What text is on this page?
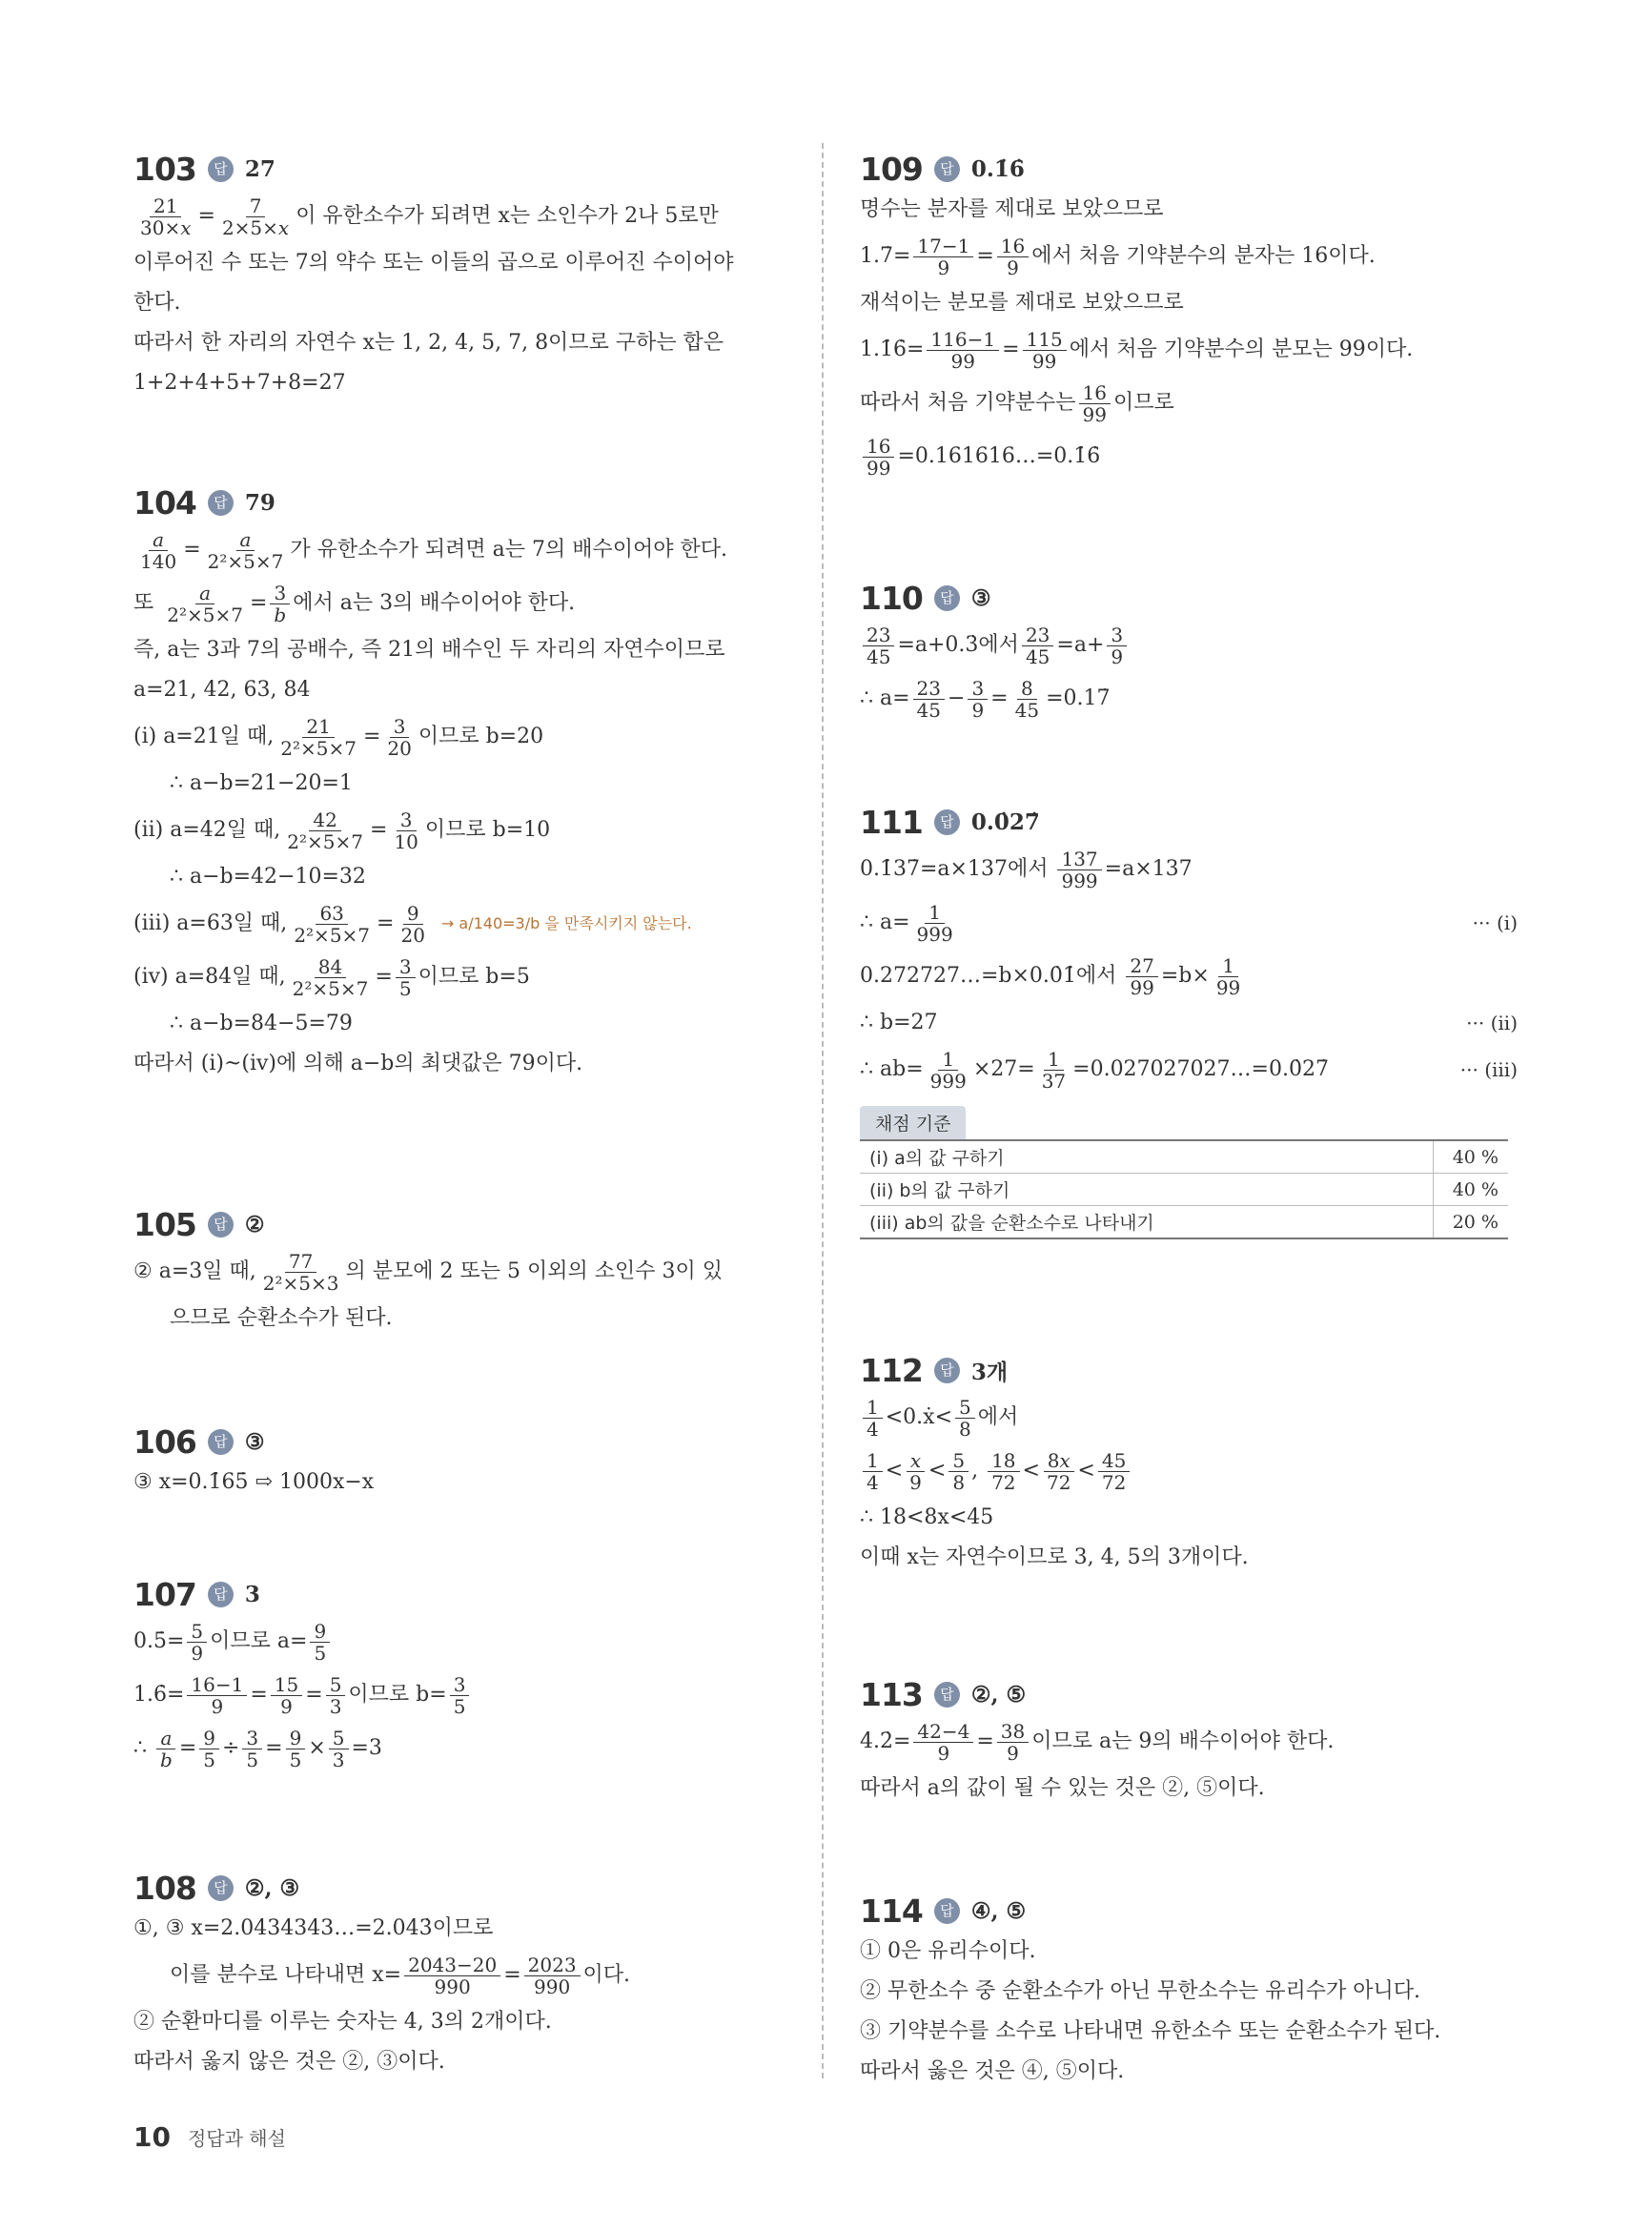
103	답 27
21
30×x = 7
2×5×x 이 유한소수가 되려면 x는 소인수가 2나 5로만
이루어진 수 또는 7의 약수 또는 이들의 곱으로 이루어진 수이어야
한다.
따라서 한 자리의 자연수 x는 1, 2, 4, 5, 7, 8이므로 구하는 합은
1+2+4+5+7+8=27
104	답 79
a
140 = a
2²×5×7 가 유한소수가 되려면 a는 7의 배수이어야 한다.
또
a
2²×5×7 = 3
b 에서 a는 3의 배수이어야 한다.
즉, a는 3과 7의 공배수, 즉 21의 배수인 두 자리의 자연수이므로
a=21, 42, 63, 84
(i) a=21일 때, 21
2²×5×7 = 3
20 이므로 b=20
∴ a−b=21−20=1
(ii) a=42일 때, 42
2²×5×7 = 3
10 이므로 b=10
∴ a−b=42−10=32
(iii) a=63일 때, 63
2²×5×7 = 9
20 → a/140=3/b 을 만족시키지 않는다.
(iv) a=84일 때, 84
2²×5×7 = 3
5 이므로 b=5
∴ a−b=84−5=79
따라서 (i)~(iv)에 의해 a−b의 최댓값은 79이다.
105	답 ②
② a=3일 때, 77
2²×5×3 의 분모에 2 또는 5 이외의 소인수 3이 있
으므로 순환소수가 된다.
106	답 ③
③ x=0.1̇65̇ ⇨ 1000x−x
107	답 3
0.5̇= $\frac{5}{9}$ 이므로 $a= \frac{9}{5}$
1.6̇= $\frac{16-1}{9} = 15$
9 = 5
3 이므로 $b= \frac{3}{5}$
∴
a
b = 9
5 ÷ 3
5 = 9
5 × 5
3 =3
108	답 ②, ③
①, ③ x=2.0434343…=2.04̇3̇이므로
이를 분수로 나타내면 $x= \frac{2043-20}{990} = 2023$
990 이다.
② 순환마디를 이루는 숫자는 4, 3의 2개이다.
따라서 옳지 않은 것은 ②, ③이다.
109	답 0.1̇6̇
명수는 분자를 제대로 보았으므로
1.7̇= $\frac{17-1}{9} = 16$
9 에서 처음 기약분수의 분자는 16이다.
재석이는 분모를 제대로 보았으므로
1.1̇6̇= $\frac{116-1}{99} = 115$
99 에서 처음 기약분수의 분모는 99이다.
따라서 처음 기약분수는 16
99 이므로
$\frac{16}{99}$ =0.161616…=0.1̇6̇
110	답 ③
$\frac{23}{45}$ =a+0.3̇에서 $\frac{23}{45} =a+ \frac{3}{9}$
∴ $a= \frac{23}{45} - 3$
$9 = \frac{8}{45}$ =0.17̇
111	답 0.0̇27̇
0.1̇37̇=a×137에서
$\frac{137}{999} =a\times 137$
∴ $a= \frac{1}{999}$	··· (i)
0.272727…=b×0.0̇1̇에서
$\frac{27}{99} =b\times \frac{1}{99}$
∴ b=27	··· (ii)
∴ $ab= \frac{1}{999} \times 27= \frac{1}{37}$ =0.027027027…=0.0̇27̇	··· (iii)
채점 기준
(i) a의 값 구하기	40 %
(ii) b의 값 구하기	40 %
(iii) ab의 값을 순환소수로 나타내기	20 %
112	답 3개
1
4 <0.ẋ< 5
8 에서
1
4 < x
9 < 5
8 , 18
72 < 8x
72 < 45
72
∴ 18<8x<45
이때 x는 자연수이므로 3, 4, 5의 3개이다.
113	답 ②, ⑤
4.2̇= $\frac{42-4}{9} = 38$
9 이므로 a는 9의 배수이어야 한다.
따라서 a의 값이 될 수 있는 것은 ②, ⑤이다.
114	답 ④, ⑤
① 0은 유리수이다.
② 무한소수 중 순환소수가 아닌 무한소수는 유리수가 아니다.
③ 기약분수를 소수로 나타내면 유한소수 또는 순환소수가 된다.
따라서 옳은 것은 ④, ⑤이다.
10 정답과 해설
